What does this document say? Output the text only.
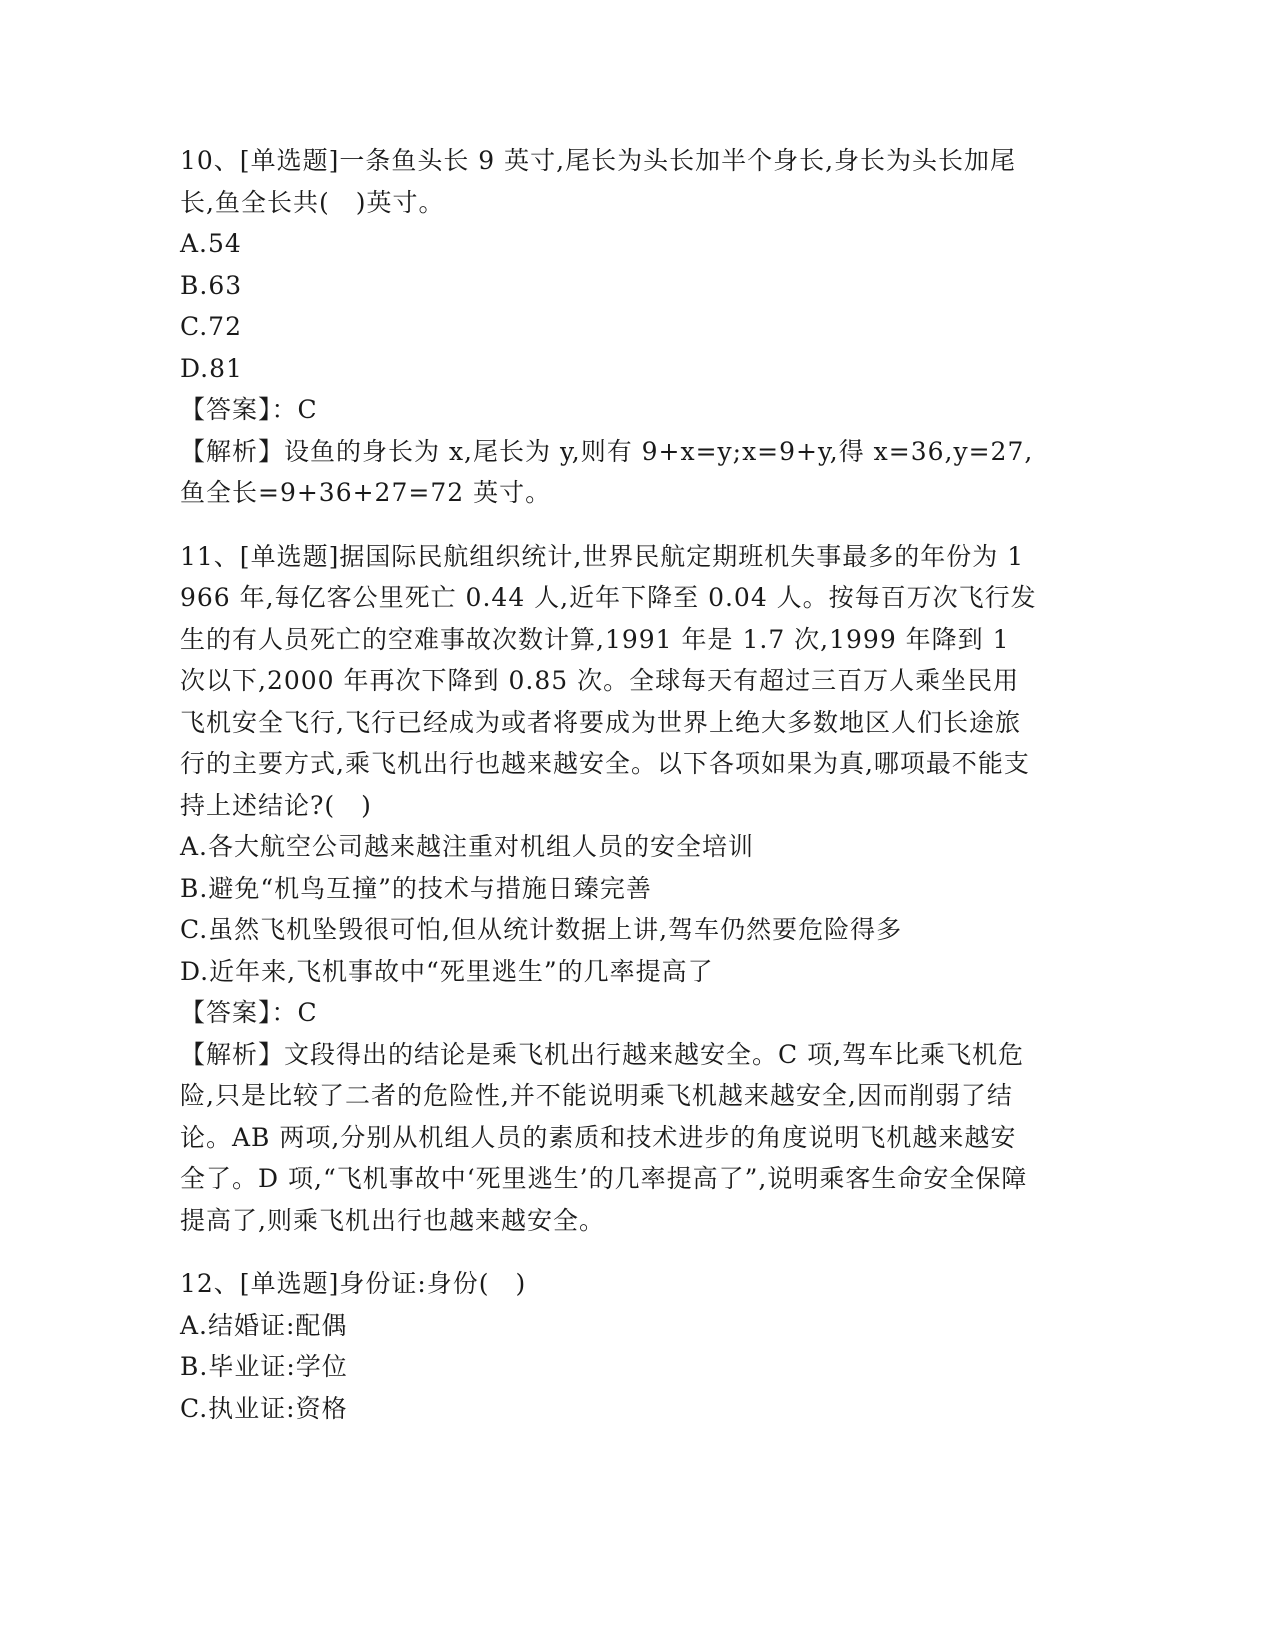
10、[单选题]一条鱼头长 9 英寸,尾长为头长加半个身长,身长为头长加尾长,鱼全长共(　)英寸。
A.54
B.63
C.72
D.81
【答案】：C
【解析】设鱼的身长为 x,尾长为 y,则有 9+x=y;x=9+y,得 x=36,y=27,鱼全长=9+36+27=72 英寸。
11、[单选题]据国际民航组织统计,世界民航定期班机失事最多的年份为 1966 年,每亿客公里死亡 0.44 人,近年下降至 0.04 人。按每百万次飞行发生的有人员死亡的空难事故次数计算,1991 年是 1.7 次,1999 年降到 1 次以下,2000 年再次下降到 0.85 次。全球每天有超过三百万人乘坐民用飞机安全飞行,飞行已经成为或者将要成为世界上绝大多数地区人们长途旅行的主要方式,乘飞机出行也越来越安全。以下各项如果为真,哪项最不能支持上述结论?(　)
A.各大航空公司越来越注重对机组人员的安全培训
B.避免“机鸟互撞”的技术与措施日臻完善
C.虽然飞机坠毁很可怕,但从统计数据上讲,驾车仍然要危险得多
D.近年来,飞机事故中“死里逃生”的几率提高了
【答案】：C
【解析】文段得出的结论是乘飞机出行越来越安全。C 项,驾车比乘飞机危险,只是比较了二者的危险性,并不能说明乘飞机越来越安全,因而削弱了结论。AB 两项,分别从机组人员的素质和技术进步的角度说明飞机越来越安全了。D 项,“飞机事故中‘死里逃生’的几率提高了”,说明乘客生命安全保障提高了,则乘飞机出行也越来越安全。
12、[单选题]身份证:身份(　)
A.结婚证:配偶
B.毕业证:学位
C.执业证:资格
